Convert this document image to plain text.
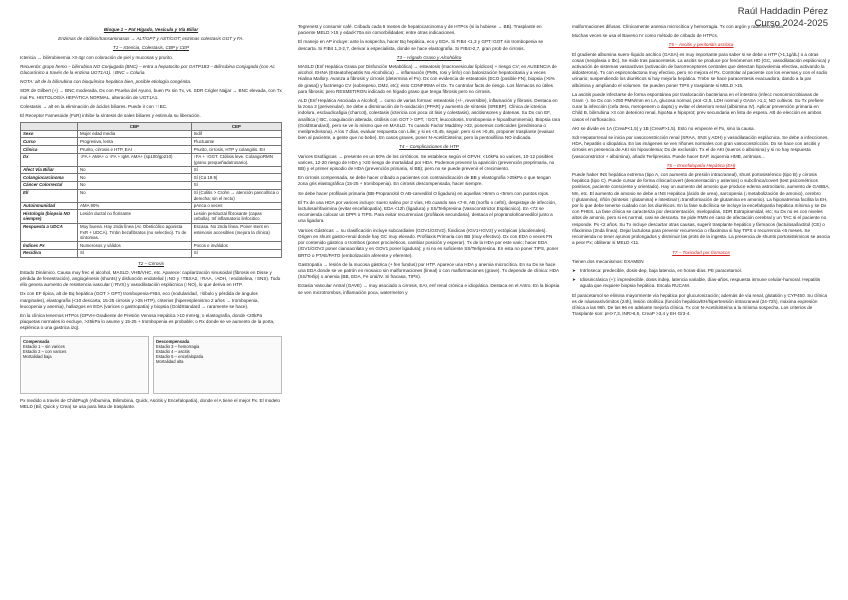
Raúl Haddadin Pérez
Curso 2024-2025

Bloque 1 – Pat Hígado, Vesícula y Vía Biliar

Enzimas de citólisis/transaminasas → ALT/GPT y AST/GOT; enzimas colestasis GGT y FA.

T1 – Ictericia, Colestasis, CBP y CEP

Ictericia → bilirrubinemia >3-4gr con coloración de piel y mucosas y prurito.

Recuerda: grupo hemo – bilirrubina NO Conjugada (BNC) – entra a hepatocito por OATP1B3 – Bilirrubina Conjugada (con Ac Glucurónico a través de la enzima UGT1A1). ↑BNC = Coluria.

NOTA: alt de la bilirrubina con bioquímica hepática bien, posible etiología congénita.

SDR de Gilbert (+) → BNC moderada, Dx con Prueba del Ayuno, buen Px sin Tx, vs. SDR Crigler Najjar → BNC elevada, con Tx mal Px. HISTOLOGÍA HEPÁTICA NORMAL, alteración de UGT1A1.

Colestasis → alt en la eliminación de ácidos biliares. Puede ir con ↑↑BC.

El Receptor Farnesoide (FxR) inhibe la síntesis de sales biliares y estimula su liberación.

	CBP	CEP
Sexo	Mujer edad media	Indif
Curso	Progresiva, lenta	Fluctuante
Clínica	Prurito, cirrosis e HTP, EAI	Prurito, cirrosis, HTP y colangitis. EII
Dx	↑FA + AMA+ o ↑FA + IgM. AMA+ (sp100/gp210)	↑FA + ↑GGT. Ctólisis leve. ColangioRMN (grano prequeñada/rosario).
Afect Vía Biliar	No	Sí
Colangiocarcinoma	No	Sí (Ca 19.9)
Cáncer Colorrectal	No	Sí
Ell	No	Sí (Colitis > Crohn → atención pancolítica o derecha; sin el recto)
Autoinmunidad	AMA 90%	pAnca o veces
Histología (biopsia NO siempre)	Lesión ductal no florisante	Lesión periductal fibrosante (capas cebolla). Inf inflamatorio linfocitico
Respuesta a UDCA	Muy buena. Hay 2nda línea (Ac Obeticólico agonista FxR + UDCA). Tmbn bezafibratos (no selectivo). Tx de síntomas.	Escasa. No 2nda línea. Poner stent en estenosis accesibles (mejora la clínica)
Índices Px	Numerosos y válidos	Pocos e inválidos
Recidiva	Sí	Sí

T2 – Cirrosis

Estado Dinámico. Causa muy frec el alcohol, MASLD, VHB/VHC, etc. Aparece: capilarización sinusoidal (fibrosis en Disse y pérdida de fenestración), angiogénesis (shunts) y disfunción endotelial (↓NO y ↑TBXA2, ↑RAA, ↑ADH, ↑endotelina, ↑SNS). Todo ello genera aumento de resistencia vascular (↑RVS) y vasodilatación esplácnica (↑NO), lo que deriva en HTP.

Dx con EF típica, alt de Bq hepática (GOT > GPT) trombopenia-FIB4, eco (nodularidad, ↑lóbulo y pérdida de ángulos marginales), elastografía (<10 descarta, 15-25 cirrosis y >25 HTP), criterios (hiperesplenismo 2 años → trombopenia, leucopenia y anemia), hallazgos en EDA (varices o gastropatía) y biopsia (GoldStandard → raramente se hace).

En la clínica tenemos HTPcs (GPVH-Gradiente de Presión Venosa Hepática >10 mmHg; o elastografía, donde <20kPa plaquetas normales lo excluye, >25kPa lo asume y 15-25 + trombopenia es probable; o Rx donde se ve aumento de la porta, esplénica o una gastrica izq).

Compensada
Estadio 1 – sin varices
Estadio 2 – con varices
Mortalidad baja
Descompensada
Estadio 3 – hemorragia
Estadio 4 – ascitis
Estadio 5 – encefalopatía
Mortalidad alta

Px medido a través de ChildPugh (Albumina, Bilirrubina, Quick, Ascitis y Encefalopatía), donde el A tiene el mejor Px. El modelo MELD (Bil, Quick y Crea) se usa para lista de trasplante.

Tegrenest y consumir café. Cribado cada 6 meses de hepatocarcinoma y de HTPcs (si la hubiese → BB). Trasplante en paciente MELD >15 y edad<70a sin comorbilidades; entre otras indicaciones.

El manejo en AP incluye: ante la sospecha, hacer Bq hepática, eco y EDA. Si FIB4 <1,3 y GPT↑GOT sin trombopenia se descarta. Si FIB4 1,3-2,7, derivar a especialista, donde se hace elastografía. Si FIB4>2,7, gran prob de cirrosis.

T3 – Hígado Graso y Alcohólico

MASLD (Enf Hepática Grasa por Disfunción Metabólica) → esteatosis (macrovesicular lipídicos) + riesgo CV; en AUSENCIA de alcohol. EHNA (Esteatohepatitis No Alcohólica) → inflamación (PMN, rosi y linfo) con balonización hepatocitaria y a veces Hialina Mallory. Avanza a fibrosis y cirrosis (determina el Px). Dx con evidencia de esteatosis (ECO (posible FN), biopsia (>5% de grasa)) y factriesgo CV (sobrepeso, DM2, etc); esto CONFIRMA el Dx. Tx controlar facts de riesgo. Los fármacos no útiles para fibrosis; pero RESMETIRON indicado en hígado graso que tenga fibrosis pero no cirrosis.

ALD (Enf Hepática Asociada a Alcohol) → curso de varias formas: esteatosis (+/-, reversible), inflamación y fibrosis. Destaca en la zona 3 (perivenular). Se debe a disminución de h-oxidación (PPAR) y aumento de síntesis (SREBP). Clínica de ictericia indolora, esclaudicafigia (charcot), colestasis (ictericia con poca cit lisis y colestasis), ascitisnsores y datenas. Su Dx con EF, analítica (↑BC, coagulación alterada, citólisis con GOT > GPT, ↑GGT, leucocitosis, trombopenia e hipoalbuminemia). Biopsia rara (GoldStandard), pero se ve lo mismo que en MASLD. Tx cuando Factor Maddrey >32, ponemos corticoides (prednisona o metilprednisona). A los 7 días, evaluar respuesta con Lille; y si es <0,45, seguir, pero si es >0,45, proponer trasplante (evaluar bien al paciente, a gente que no bebe). En casos graves, poner N-AcetilCisteína; pero la pentoxifilina NO indicada.

T4 – Complicaciones de HTP

Varices Esofágicas → presente en un 50% de los cirróticos. Se establece según el GPVH: <10kPa no varices, 10-12 posibles varices, 12-20 riesgo de HDA y >20 riesgo de mortalidad por HDA. Podemos prevenir la aparición (prevención preprimaria, no BB) y el primer episodio de HDA (prevención primaria, sí BB); pero no se puede prevenir el crecimiento.

En cirrosis compensada, se debe hacer cribado a pacientes con contraindicación de BB y elastografía >25kPa o que tengan zona gris elastográfica (15-25 + trombopenia). En cirrosis descompensada, hacer siempre.

Se debe hacer profilaxis primaria (BB-Propranolol O AB-carvedilol O ligadura) en aquellas >5mm o <5mm con puntos rojos.

El Tx de una HDA por varices incluye: suero salino por 2 vías, Hb cuando sea <7-8, AB (norflo o ceftri), despistaje de infección, lactulosa/rifaximina (evitar encefalopatía), EDA <12h (ligadura) y SS/Terlipresina (Vasoconstrictor Esplácnico). En <72 se recomienda colocar un DPPI o TIPS. Para evitar recurrencias (profilaxis secundaria), destaca el propranolol/carvedilol junto a una ligadura.

Varices Gástricas → su clasificación incluye subcardiales (GOV1/GOV2), fúndicas (IGV1+IGV2) y ectópicas (duodenales). Origen en shunt gastro-renal donde hay GC muy elevado. Profilaxis Primaria con BB (muy efectivo). Dx con EDA o veces FN por contenido gástrico o trombos (poner procinéticos, cambiar posición y esperar). Tx de la HDA por este varic; hacer EDA (IGV1/GOV2 poner cianoacrilato y en GOV1 poner ligadura); y si no es suficiente SS/Terlipresina. En esta no poner TIPS, poner BRTO o PTAE/PATO (embolización aferente y eferente).

Gastropatía → lesión de la mucosa gástrica (+ fen fundus) por HTP. Aparece una HDA y anemia microcítica. En su Dx se hace una EDA donde se ve patrón en mosaico sin malformaciones (lineal) o con malformaciones (grave). Tx depende de clínica: HDA (SS/Terlip) o anemia (BB, EDA, Fe oral/IV. Si fracasa, TIPS).

Ectasia Vascular Antral (GAVE) → muy asociado a cirrosis, EAI, enf renal crónica e idiopática. Destaca en el Antro. En la biopsia se ven microtrombos, inflamación poca, watermelon y

malformaciones difusas. Clínicamente anemia microcítica y hemorragia. Tx con argón y radiofrecuencia.

Muchas veces se usa el Baveno IV como método de cribado de HTPcs.

T5 – Ascitis y peritonitis ascítica

El gradiente albumina suero-líquido ascítico (GASA) es muy importante para saber si se debe a HTP (>1,1g/dL) o a otras cosas (neoplasia o tbc). Se mide tras paracentesis. La ascitis se produce por fenómenos HD (GC, vasodilatación esplácnica) y activación de sistemas vasoactivos (activación de barorreceptores centrales que detectan hipovolemia efectiva, activando la aldosterona). Tx con espironolactona muy efectivo, pero no mejora el Px. Controlar al paciente con los enemas y con el sodio urinario; suspendiendo los diuréticos si hay mejoría hepática. Tmbn se hace paracentesis evacuadora, dando a la par albúmina y ampliando el volumen. Se pueden poner TIPS y trasplante si MELD >15.

La ascitis puede infectarse de forma espontánea por traslocación bacteriana en el intestino (infecc mononmicrobianas de Gram -). Se Dx con >250 PMN/mm en LA, glucosa normal, prot <2,5, LDH normal y GASA >1,1; NO cultivos. Su Tx prefiere curar la infección (cefa 3era, meropenem o dapto) y evitar el deterioro renal (albúmina IV). Aplicar prevención primaria en Child B, bilirrubina >3 con deterioro renal, hipoNa e hipoprot; prev secundaria en lista de espera. AB de elección en ambos casos el norfloxacino.

AKI se divide en 1A (CreaP<1,5) y 1B (CreaP>1,5). Esto no empeore el Px, sino la causa.

Sdr Hepatorrenal se inicia por vasoconstricción renal (SRAA, SNS y ADH) y vasodilatación esplácnica. Se debe a infecciones, HDA, hepatitis o idiopática. En las imágenes se ven riñones normales con gran vasoconstricción. Dx se hace con ascitis y cirrosis en presencia de AKI sin hipovolemia; Dx de exclusión. Tx el de AKI (sueros o albúmina) y si no hay respuesta (vasoconstrictor + albúmina), añadir Terlipresina. Puede hacer EAP, isquemia HMB, arritmias…

T6 – Encefalopatía Hepática (EH)

Puede haber INS hepática extrema (tipo A, con aumento de presión intracraneal), shunt portosistémico (tipo B) y cirrosis hepática (tipo C). Puede cursar de forma clínica/covert (desorientación y asterixis) o subclínica/covert (test psicométricos positivos, paciente consciente y orientado). Hay un aumento del amonio que produce edema astrocitario, aumento de GABBA, Mn, etc. El aumento de amonio se debe a INS Hepática (ácido de urea), sarcopenia (↓metabolización de amonio), cerebro (↑glutamina), riñón (síntesis ↑glutamina) e intestinal (↓transformación de glutamina en amonio). La hiponatremia facilita la EH, por lo que debe tenerse cuidado con los diuréticos. En la fase subclínica se incluye la encefalopatía hepática mínima y se Dx con PHES. La fase clínica se caracteriza por desorientación, mielopatías, SDR Extrapiramidal, etc; su Dx no es con niveles altos de amonio, pero si es normal, casi se descarta. Se pide RMN en caso de afectación cerebral y un TAC si el paciente no responde. Px <2 años. Su Tx incluye descartar otras causas, sugerir trasplante hepático y fármacos (lactulosa/lactitol (CE) o rifaximina (2nda línea). Dejar lactulosa para prevenir recurrencia o rifaximina si hay TIPS o recurrencia <6 meses. Se recomienda no tener ayunos prolongados y disminuir las prots de la ingesta. La presencia de shunts portosistémicos se asocia a peor Px; obliterar si MELD <11.

T7 – Toxicidad por fármacos

Tienen dos mecanismos: EXAMEN

➤ Intrínseca: predecible, dosis-dep, baja latencia, en horas-días. PE paracetamol.

➤ Idiosincrásica (+): impredecible, dosis indep, latencia variable, días-años, respuesta inmune celular-humoral. Hepatitis aguda que requiere biopsia hepática. Escala RUCAM.

El paracetamol se elimina mayormente vía hepática por glucuronización; además de vía renal, glutatión y CYP450. Su clínica es de náuseas/vómitos (24h), lesión citolítica (función hepática/EH/hipertensión intracraneal (24-72h), máxima expresión clínica a las 96h. De las 96 en adelante mejoría clínica. Tx con N-Acetilcisteína a la mínima sospecha. Los criterios de Trasplante son: pH>7,3, INR>6,5, CreaP >3,4 y EH Gr3-4.
